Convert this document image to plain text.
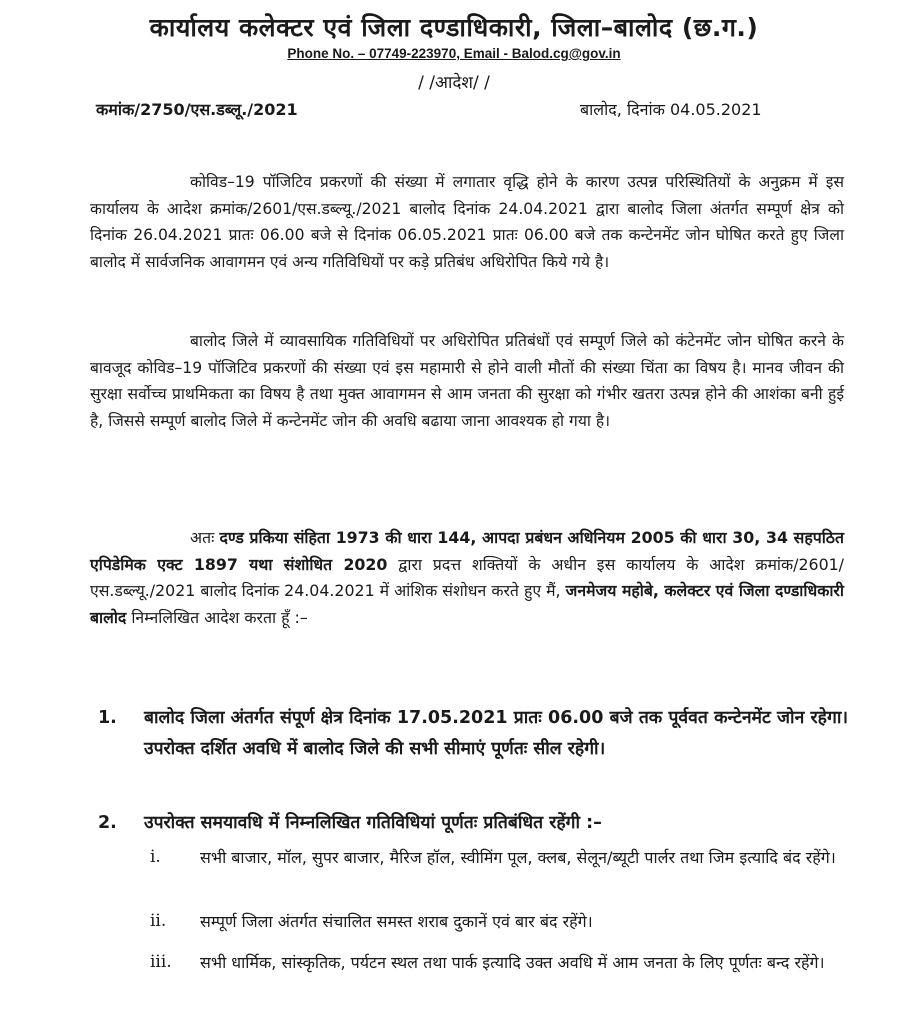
कार्यालय कलेक्टर एवं जिला दण्डाधिकारी, जिला–बालोद (छ.ग.)
Phone No. – 07749-223970, Email - Balod.cg@gov.in
/ /आदेश/ /
कमांक/2750/एस.डब्लू./2021	बालोद, दिनांक 04.05.2021
कोविड–19 पॉजिटिव प्रकरणों की संख्या में लगातार वृद्धि होने के कारण उत्पन्न परिस्थितियों के अनुक्रम में इस कार्यालय के आदेश क्रमांक/2601/एस.डब्ल्यू./2021 बालोद दिनांक 24.04.2021 द्वारा बालोद जिला अंतर्गत सम्पूर्ण क्षेत्र को दिनांक 26.04.2021 प्रातः 06.00 बजे से दिनांक 06.05.2021 प्रातः 06.00 बजे तक कन्टेनमेंट जोन घोषित करते हुए जिला बालोद में सार्वजनिक आवागमन एवं अन्य गतिविधियों पर कड़े प्रतिबंध अधिरोपित किये गये है।
बालोद जिले में व्यावसायिक गतिविधियों पर अधिरोपित प्रतिबंधों एवं सम्पूर्ण जिले को कंटेनमेंट जोन घोषित करने के बावजूद कोविड–19 पॉजिटिव प्रकरणों की संख्या एवं इस महामारी से होने वाली मौतों की संख्या चिंता का विषय है। मानव जीवन की सुरक्षा सर्वोच्च प्राथमिकता का विषय है तथा मुक्त आवागमन से आम जनता की सुरक्षा को गंभीर खतरा उत्पन्न होने की आशंका बनी हुई है, जिससे सम्पूर्ण बालोद जिले में कन्टेनमेंट जोन की अवधि बढाया जाना आवश्यक हो गया है।
अतः दण्ड प्रकिया संहिता 1973 की धारा 144, आपदा प्रबंधन अधिनियम 2005 की धारा 30, 34 सहपठित एपिडेमिक एक्ट 1897 यथा संशोधित 2020 द्वारा प्रदत्त शक्तियों के अधीन इस कार्यालय के आदेश क्रमांक/2601/एस.डब्ल्यू./2021 बालोद दिनांक 24.04.2021 में आंशिक संशोधन करते हुए मैं, जनमेजय महोबे, कलेक्टर एवं जिला दण्डाधिकारी बालोद निम्नलिखित आदेश करता हूँ :–
1. बालोद जिला अंतर्गत संपूर्ण क्षेत्र दिनांक 17.05.2021 प्रातः 06.00 बजे तक पूर्ववत कन्टेनमेंट जोन रहेगा। उपरोक्त दर्शित अवधि में बालोद जिले की सभी सीमाएं पूर्णतः सील रहेगी।
2. उपरोक्त समयावधि में निम्नलिखित गतिविधियां पूर्णतः प्रतिबंधित रहेंगी :–
i. सभी बाजार, मॉल, सुपर बाजार, मैरिज हॉल, स्वीमिंग पूल, क्लब, सेलून/ब्यूटी पार्लर तथा जिम इत्यादि बंद रहेंगे।
ii. सम्पूर्ण जिला अंतर्गत संचालित समस्त शराब दुकानें एवं बार बंद रहेंगे।
iii. सभी धार्मिक, सांस्कृतिक, पर्यटन स्थल तथा पार्क इत्यादि उक्त अवधि में आम जनता के लिए पूर्णतः बन्द रहेंगे।
